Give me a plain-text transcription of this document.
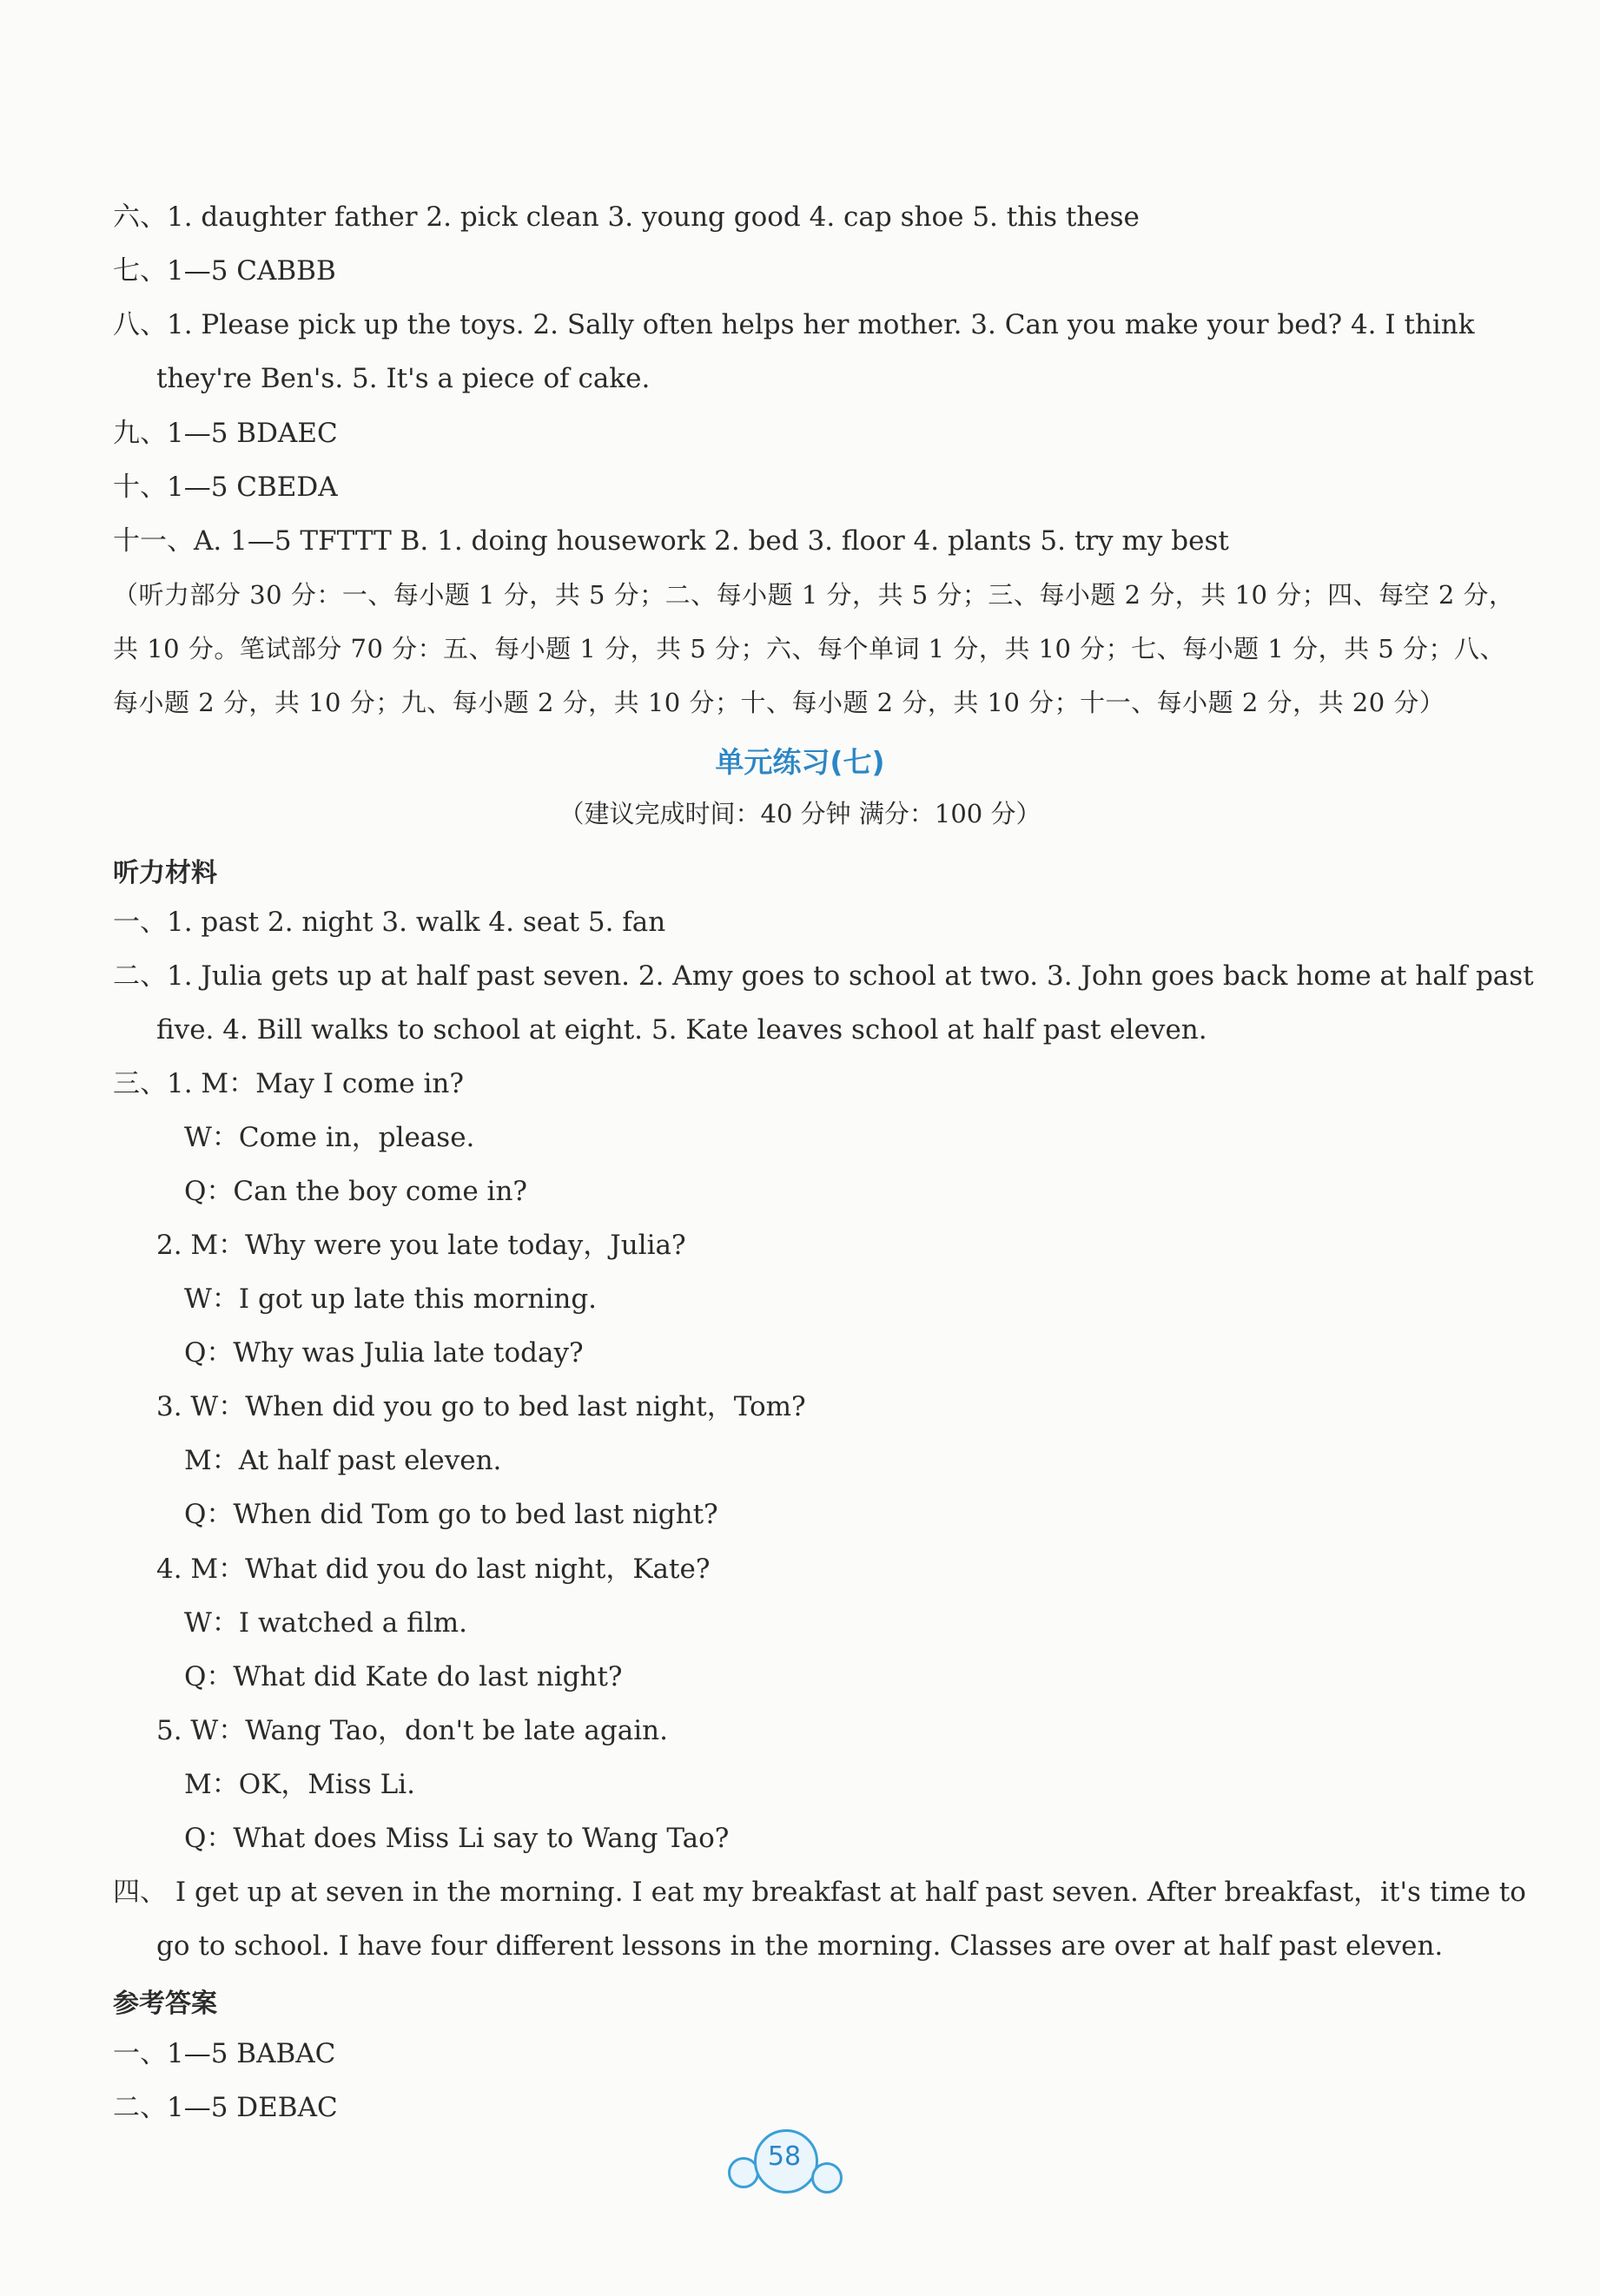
六、1. daughter father 2. pick clean 3. young good 4. cap shoe 5. this these
七、1—5 CABBB
八、1. Please pick up the toys. 2. Sally often helps her mother. 3. Can you make your bed? 4. I think
they're Ben's. 5. It's a piece of cake.
九、1—5 BDAEC
十、1—5 CBEDA
十一、A. 1—5 TFTTT B. 1. doing housework 2. bed 3. floor 4. plants 5. try my best
（听力部分 30 分：一、每小题 1 分，共 5 分；二、每小题 1 分，共 5 分；三、每小题 2 分，共 10 分；四、每空 2 分，
共 10 分。笔试部分 70 分：五、每小题 1 分，共 5 分；六、每个单词 1 分，共 10 分；七、每小题 1 分，共 5 分；八、
每小题 2 分，共 10 分；九、每小题 2 分，共 10 分；十、每小题 2 分，共 10 分；十一、每小题 2 分，共 20 分）
单元练习(七)
（建议完成时间：40 分钟 满分：100 分）
听力材料
一、1. past 2. night 3. walk 4. seat 5. fan
二、1. Julia gets up at half past seven. 2. Amy goes to school at two. 3. John goes back home at half past
five. 4. Bill walks to school at eight. 5. Kate leaves school at half past eleven.
三、1. M：May I come in?
W：Come in，please.
Q：Can the boy come in?
2. M：Why were you late today，Julia?
W：I got up late this morning.
Q：Why was Julia late today?
3. W：When did you go to bed last night，Tom?
M：At half past eleven.
Q：When did Tom go to bed last night?
4. M：What did you do last night，Kate?
W：I watched a film.
Q：What did Kate do last night?
5. W：Wang Tao，don't be late again.
M：OK，Miss Li.
Q：What does Miss Li say to Wang Tao?
四、 I get up at seven in the morning. I eat my breakfast at half past seven. After breakfast，it's time to
go to school. I have four different lessons in the morning. Classes are over at half past eleven.
参考答案
一、1—5 BABAC
二、1—5 DEBAC
58
